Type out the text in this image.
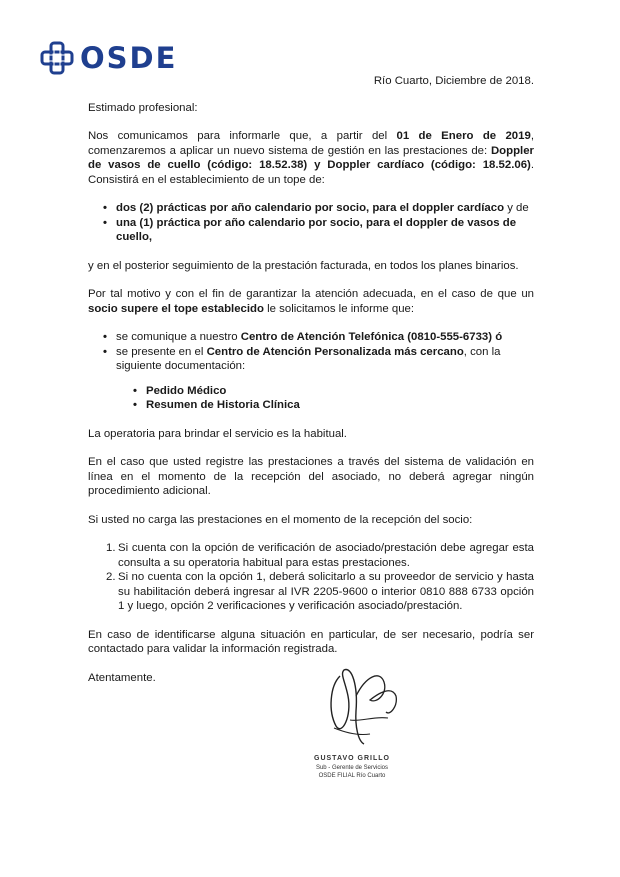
OSDE

Río Cuarto, Diciembre de 2018.

Estimado profesional:

Nos comunicamos para informarle que, a partir del 01 de Enero de 2019, comenzaremos a aplicar un nuevo sistema de gestión en las prestaciones de: Doppler de vasos de cuello (código: 18.52.38) y Doppler cardíaco (código: 18.52.06). Consistirá en el establecimiento de un tope de:

• dos (2) prácticas por año calendario por socio, para el doppler cardíaco y de
• una (1) práctica por año calendario por socio, para el doppler de vasos de cuello,

y en el posterior seguimiento de la prestación facturada, en todos los planes binarios.

Por tal motivo y con el fin de garantizar la atención adecuada, en el caso de que un socio supere el tope establecido le solicitamos le informe que:

• se comunique a nuestro Centro de Atención Telefónica (0810-555-6733) ó
• se presente en el Centro de Atención Personalizada más cercano, con la siguiente documentación:
• Pedido Médico
• Resumen de Historia Clínica

La operatoria para brindar el servicio es la habitual.

En el caso que usted registre las prestaciones a través del sistema de validación en línea en el momento de la recepción del asociado, no deberá agregar ningún procedimiento adicional.

Si usted no carga las prestaciones en el momento de la recepción del socio:

1. Si cuenta con la opción de verificación de asociado/prestación debe agregar esta consulta a su operatoria habitual para estas prestaciones.
2. Si no cuenta con la opción 1, deberá solicitarlo a su proveedor de servicio y hasta su habilitación deberá ingresar al IVR 2205-9600 o interior 0810 888 6733 opción 1 y luego, opción 2 verificaciones y verificación asociado/prestación.

En caso de identificarse alguna situación en particular, de ser necesario, podría ser contactado para validar la información registrada.

Atentamente.

GUSTAVO GRILLO
Sub - Gerente de Servicios
OSDE FILIAL Río Cuarto
